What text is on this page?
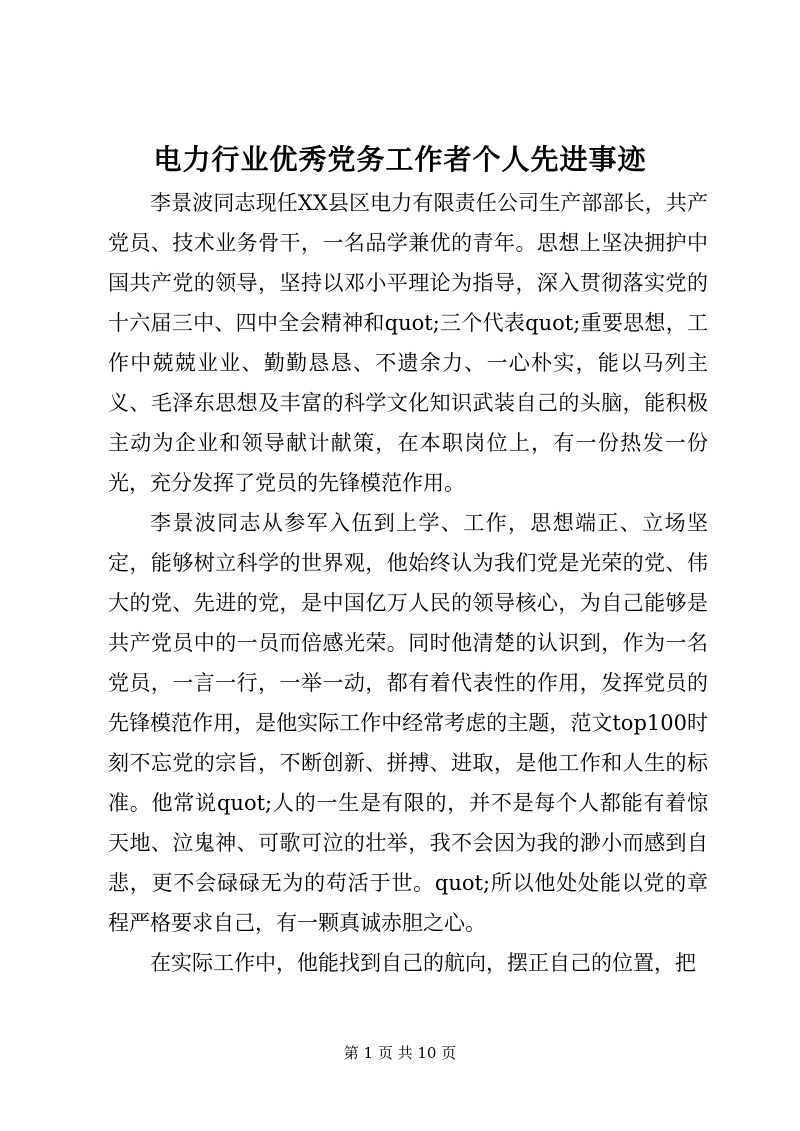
电力行业优秀党务工作者个人先进事迹

李景波同志现任XX县区电力有限责任公司生产部部长，共产党员、技术业务骨干，一名品学兼优的青年。思想上坚决拥护中国共产党的领导，坚持以邓小平理论为指导，深入贯彻落实党的十六届三中、四中全会精神和quot;三个代表quot;重要思想，工作中兢兢业业、勤勤恳恳、不遗余力、一心朴实，能以马列主义、毛泽东思想及丰富的科学文化知识武装自己的头脑，能积极主动为企业和领导献计献策，在本职岗位上，有一份热发一份光，充分发挥了党员的先锋模范作用。

李景波同志从参军入伍到上学、工作，思想端正、立场坚定，能够树立科学的世界观，他始终认为我们党是光荣的党、伟大的党、先进的党，是中国亿万人民的领导核心，为自己能够是共产党员中的一员而倍感光荣。同时他清楚的认识到，作为一名党员，一言一行，一举一动，都有着代表性的作用，发挥党员的先锋模范作用，是他实际工作中经常考虑的主题，范文top100时刻不忘党的宗旨，不断创新、拼搏、进取，是他工作和人生的标准。他常说quot;人的一生是有限的，并不是每个人都能有着惊天地、泣鬼神、可歌可泣的壮举，我不会因为我的渺小而感到自悲，更不会碌碌无为的苟活于世。quot;所以他处处能以党的章程严格要求自己，有一颗真诚赤胆之心。

在实际工作中，他能找到自己的航向，摆正自己的位置，把

第 1 页 共 10 页
